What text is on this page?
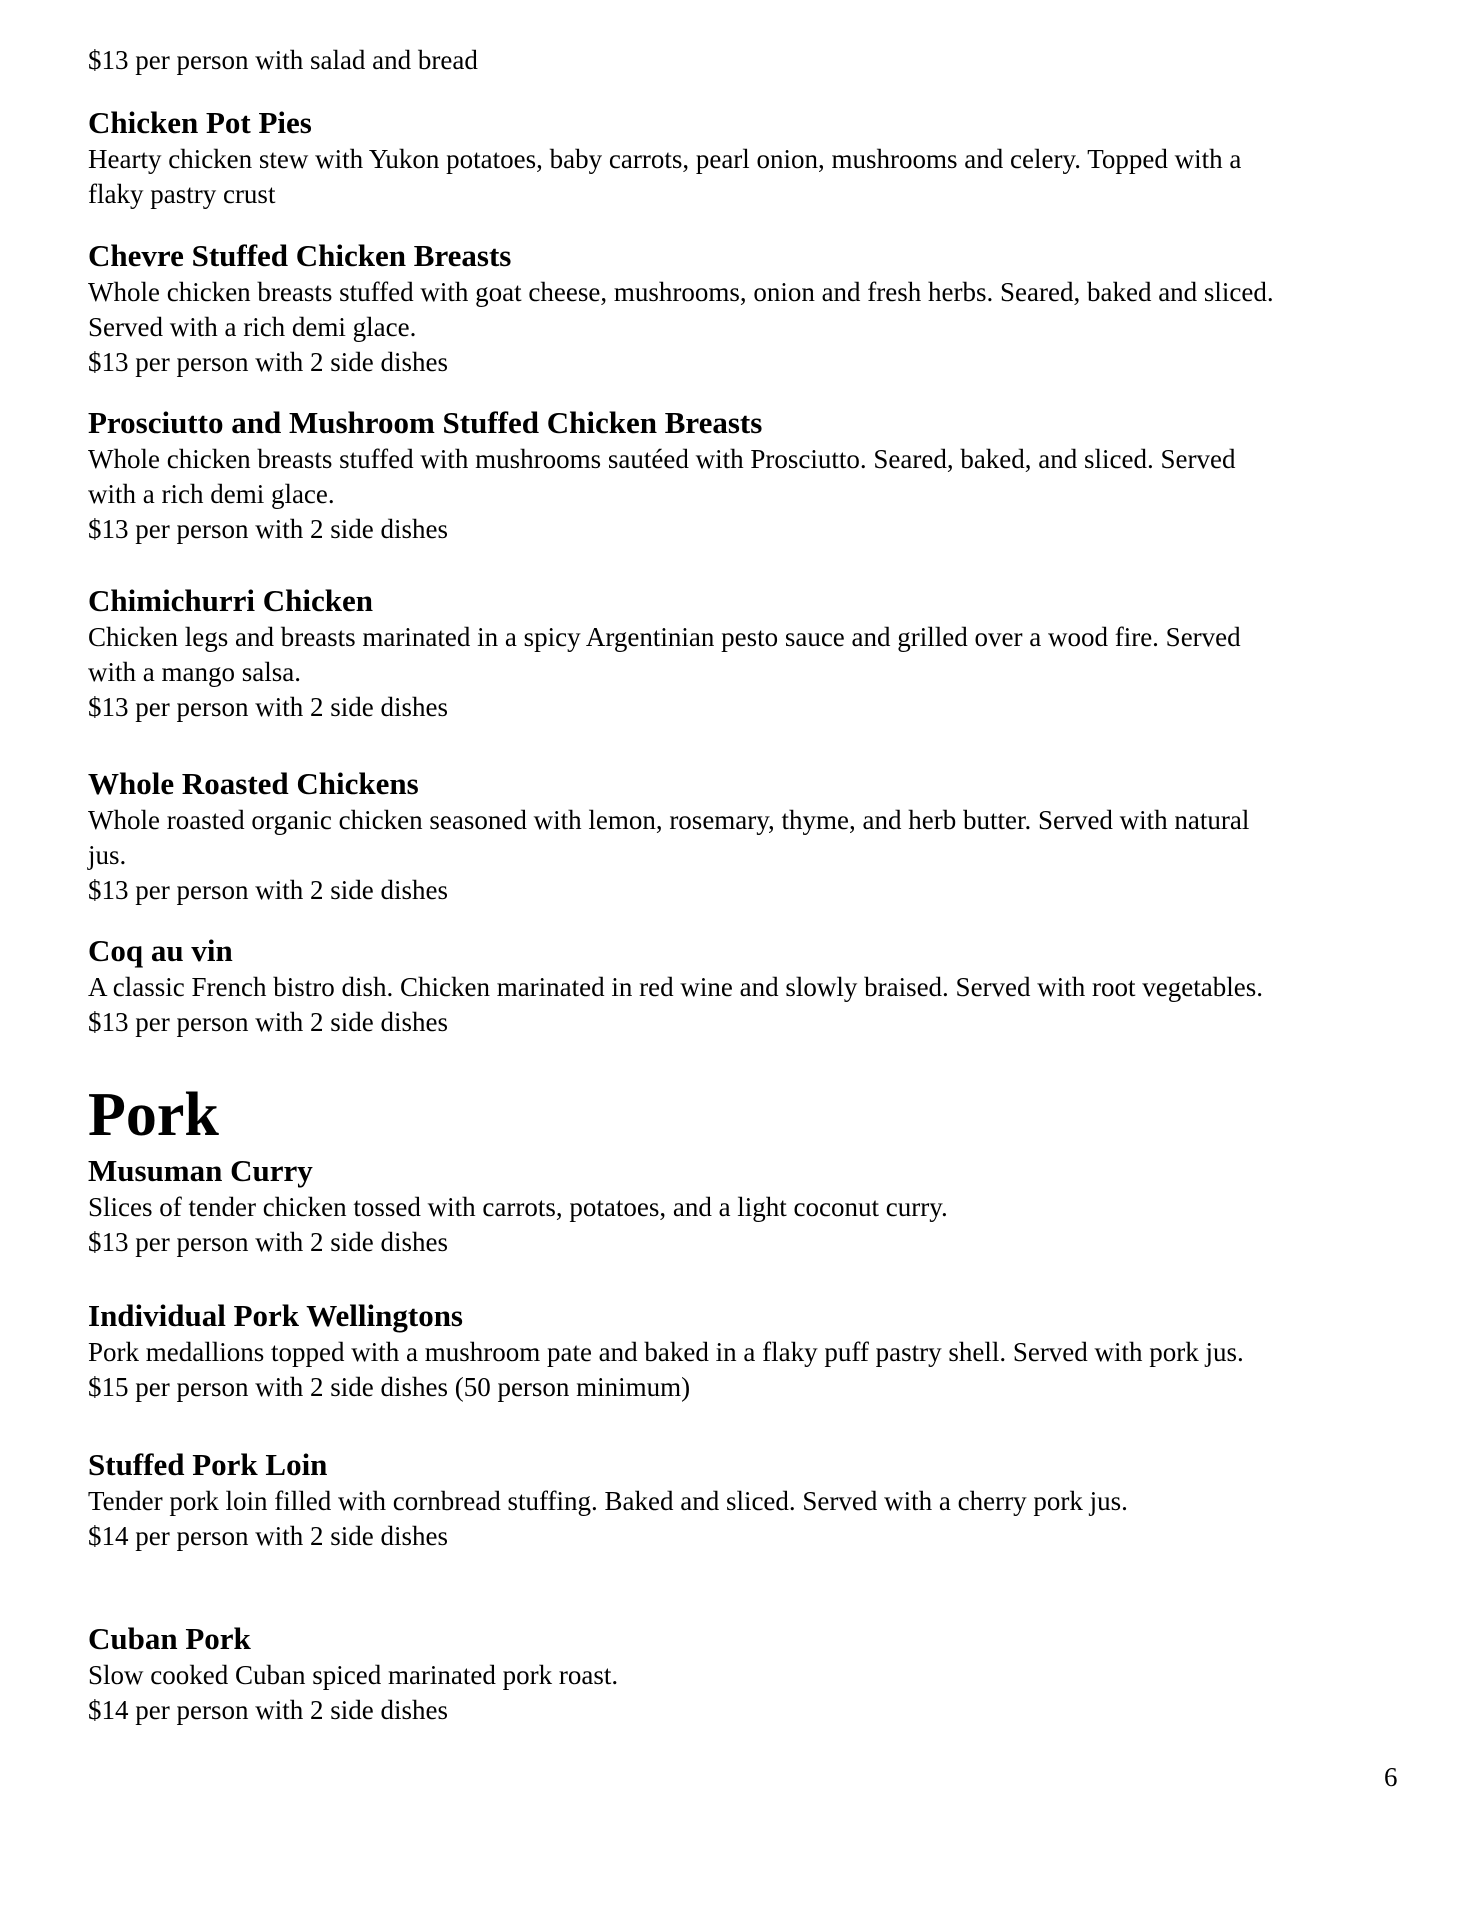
$13 per person with salad and bread

Chicken Pot Pies

Hearty chicken stew with Yukon potatoes, baby carrots, pearl onion, mushrooms and celery. Topped with a

flaky pastry crust

Chevre Stuffed Chicken Breasts

Whole chicken breasts stuffed with goat cheese, mushrooms, onion and fresh herbs. Seared, baked and sliced.

Served with a rich demi glace.

$13 per person with 2 side dishes

Prosciutto and Mushroom Stuffed Chicken Breasts

Whole chicken breasts stuffed with mushrooms sautéed with Prosciutto. Seared, baked, and sliced. Served

with a rich demi glace.

$13 per person with 2 side dishes

Chimichurri Chicken

Chicken legs and breasts marinated in a spicy Argentinian pesto sauce and grilled over a wood fire. Served

with a mango salsa.

$13 per person with 2 side dishes

Whole Roasted Chickens

Whole roasted organic chicken seasoned with lemon, rosemary, thyme, and herb butter. Served with natural

jus.

$13 per person with 2 side dishes

Coq au vin

A classic French bistro dish. Chicken marinated in red wine and slowly braised. Served with root vegetables.

$13 per person with 2 side dishes

Pork

Musuman Curry

Slices of tender chicken tossed with carrots, potatoes, and a light coconut curry.

$13 per person with 2 side dishes

Individual Pork Wellingtons

Pork medallions topped with a mushroom pate and baked in a flaky puff pastry shell. Served with pork jus.

$15 per person with 2 side dishes (50 person minimum)

Stuffed Pork Loin

Tender pork loin filled with cornbread stuffing. Baked and sliced. Served with a cherry pork jus.

$14 per person with 2 side dishes

Cuban Pork

Slow cooked Cuban spiced marinated pork roast.

$14 per person with 2 side dishes

6
